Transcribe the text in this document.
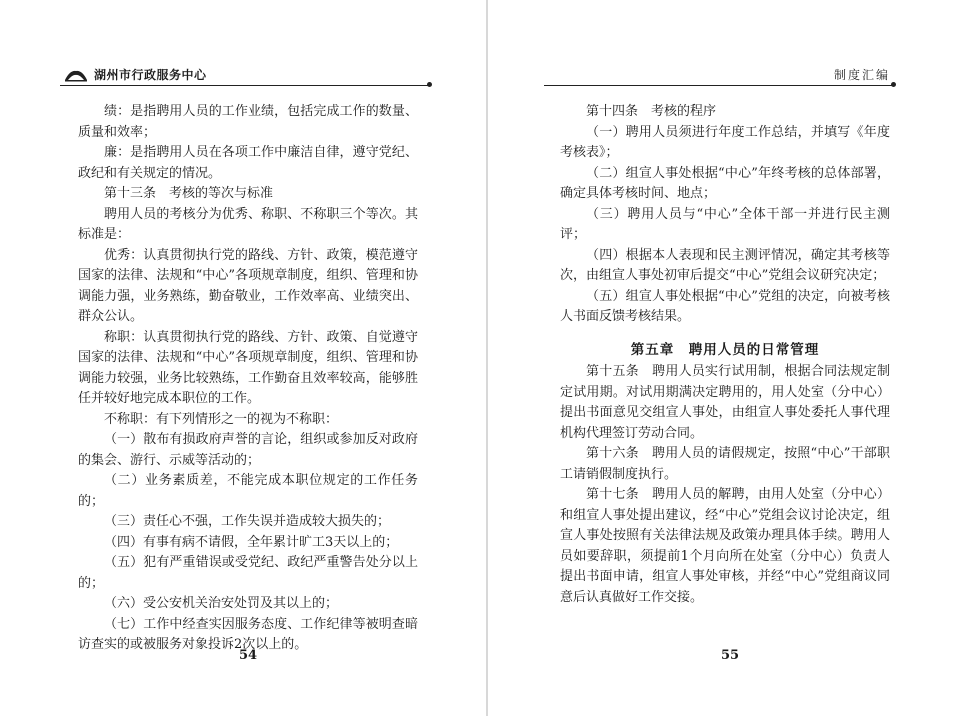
湖州市行政服务中心

绩：是指聘用人员的工作业绩，包括完成工作的数量、质量和效率；

廉：是指聘用人员在各项工作中廉洁自律，遵守党纪、政纪和有关规定的情况。

第十三条　考核的等次与标准

聘用人员的考核分为优秀、称职、不称职三个等次。其标准是：

优秀：认真贯彻执行党的路线、方针、政策，模范遵守国家的法律、法规和“中心”各项规章制度，组织、管理和协调能力强，业务熟练，勤奋敬业，工作效率高、业绩突出、群众公认。

称职：认真贯彻执行党的路线、方针、政策、自觉遵守国家的法律、法规和“中心”各项规章制度，组织、管理和协调能力较强，业务比较熟练，工作勤奋且效率较高，能够胜任并较好地完成本职位的工作。

不称职：有下列情形之一的视为不称职：

（一）散布有损政府声誉的言论，组织或参加反对政府的集会、游行、示威等活动的；

（二）业务素质差，不能完成本职位规定的工作任务的；

（三）责任心不强，工作失误并造成较大损失的；

（四）有事有病不请假，全年累计旷工3天以上的；

（五）犯有严重错误或受党纪、政纪严重警告处分以上的；

（六）受公安机关治安处罚及其以上的；

（七）工作中经查实因服务态度、工作纪律等被明查暗访查实的或被服务对象投诉2次以上的。

54
制度汇编

第十四条　考核的程序

（一）聘用人员须进行年度工作总结，并填写《年度考核表》；

（二）组宣人事处根据“中心”年终考核的总体部署，确定具体考核时间、地点；

（三）聘用人员与“中心”全体干部一并进行民主测评；

（四）根据本人表现和民主测评情况，确定其考核等次，由组宣人事处初审后提交“中心”党组会议研究决定；

（五）组宣人事处根据“中心”党组的决定，向被考核人书面反馈考核结果。

第五章　聘用人员的日常管理

第十五条　聘用人员实行试用制，根据合同法规定制定试用期。对试用期满决定聘用的，用人处室（分中心）提出书面意见交组宣人事处，由组宣人事处委托人事代理机构代理签订劳动合同。

第十六条　聘用人员的请假规定，按照“中心”干部职工请销假制度执行。

第十七条　聘用人员的解聘，由用人处室（分中心）和组宣人事处提出建议，经“中心”党组会议讨论决定，组宣人事处按照有关法律法规及政策办理具体手续。聘用人员如要辞职，须提前1个月向所在处室（分中心）负责人提出书面申请，组宣人事处审核，并经“中心”党组商议同意后认真做好工作交接。

55
